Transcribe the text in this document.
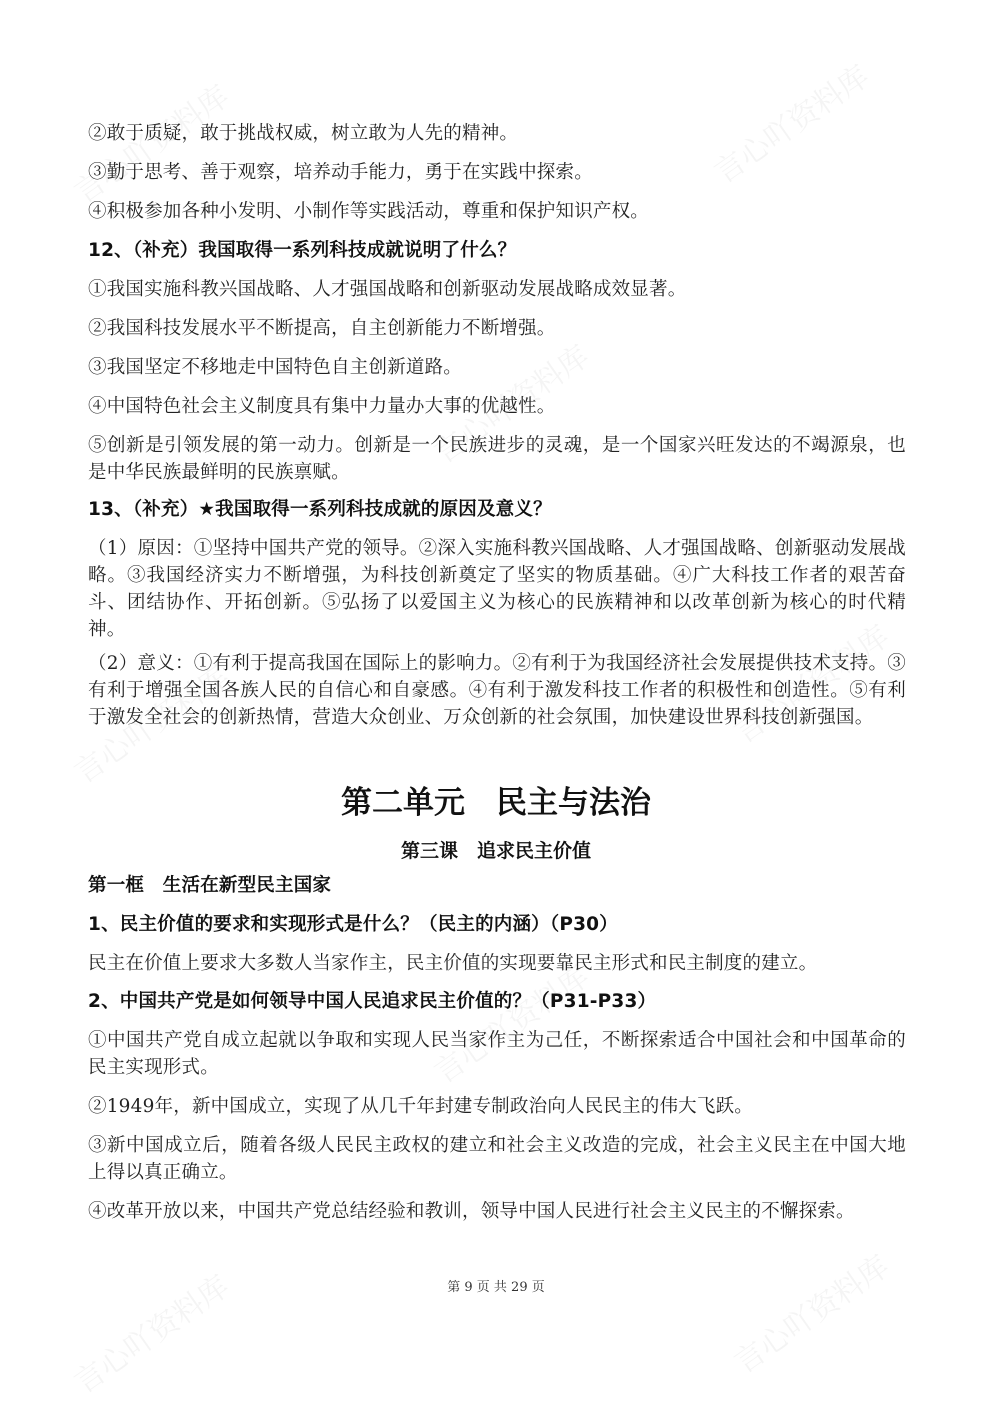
②敢于质疑，敢于挑战权威，树立敢为人先的精神。
③勤于思考、善于观察，培养动手能力，勇于在实践中探索。
④积极参加各种小发明、小制作等实践活动，尊重和保护知识产权。
12、（补充）我国取得一系列科技成就说明了什么？
①我国实施科教兴国战略、人才强国战略和创新驱动发展战略成效显著。
②我国科技发展水平不断提高，自主创新能力不断增强。
③我国坚定不移地走中国特色自主创新道路。
④中国特色社会主义制度具有集中力量办大事的优越性。
⑤创新是引领发展的第一动力。创新是一个民族进步的灵魂，是一个国家兴旺发达的不竭源泉，也是中华民族最鲜明的民族禀赋。
13、（补充）★我国取得一系列科技成就的原因及意义？
（1）原因：①坚持中国共产党的领导。②深入实施科教兴国战略、人才强国战略、创新驱动发展战略。③我国经济实力不断增强，为科技创新奠定了坚实的物质基础。④广大科技工作者的艰苦奋斗、团结协作、开拓创新。⑤弘扬了以爱国主义为核心的民族精神和以改革创新为核心的时代精神。
（2）意义：①有利于提高我国在国际上的影响力。②有利于为我国经济社会发展提供技术支持。③有利于增强全国各族人民的自信心和自豪感。④有利于激发科技工作者的积极性和创造性。⑤有利于激发全社会的创新热情，营造大众创业、万众创新的社会氛围，加快建设世界科技创新强国。
第二单元　民主与法治
第三课　追求民主价值
第一框　生活在新型民主国家
1、民主价值的要求和实现形式是什么？（民主的内涵）（P30）
民主在价值上要求大多数人当家作主，民主价值的实现要靠民主形式和民主制度的建立。
2、中国共产党是如何领导中国人民追求民主价值的？（P31-P33）
①中国共产党自成立起就以争取和实现人民当家作主为己任，不断探索适合中国社会和中国革命的民主实现形式。
②1949年，新中国成立，实现了从几千年封建专制政治向人民民主的伟大飞跃。
③新中国成立后，随着各级人民民主政权的建立和社会主义改造的完成，社会主义民主在中国大地上得以真正确立。
④改革开放以来，中国共产党总结经验和教训，领导中国人民进行社会主义民主的不懈探索。
第 9 页 共 29 页
